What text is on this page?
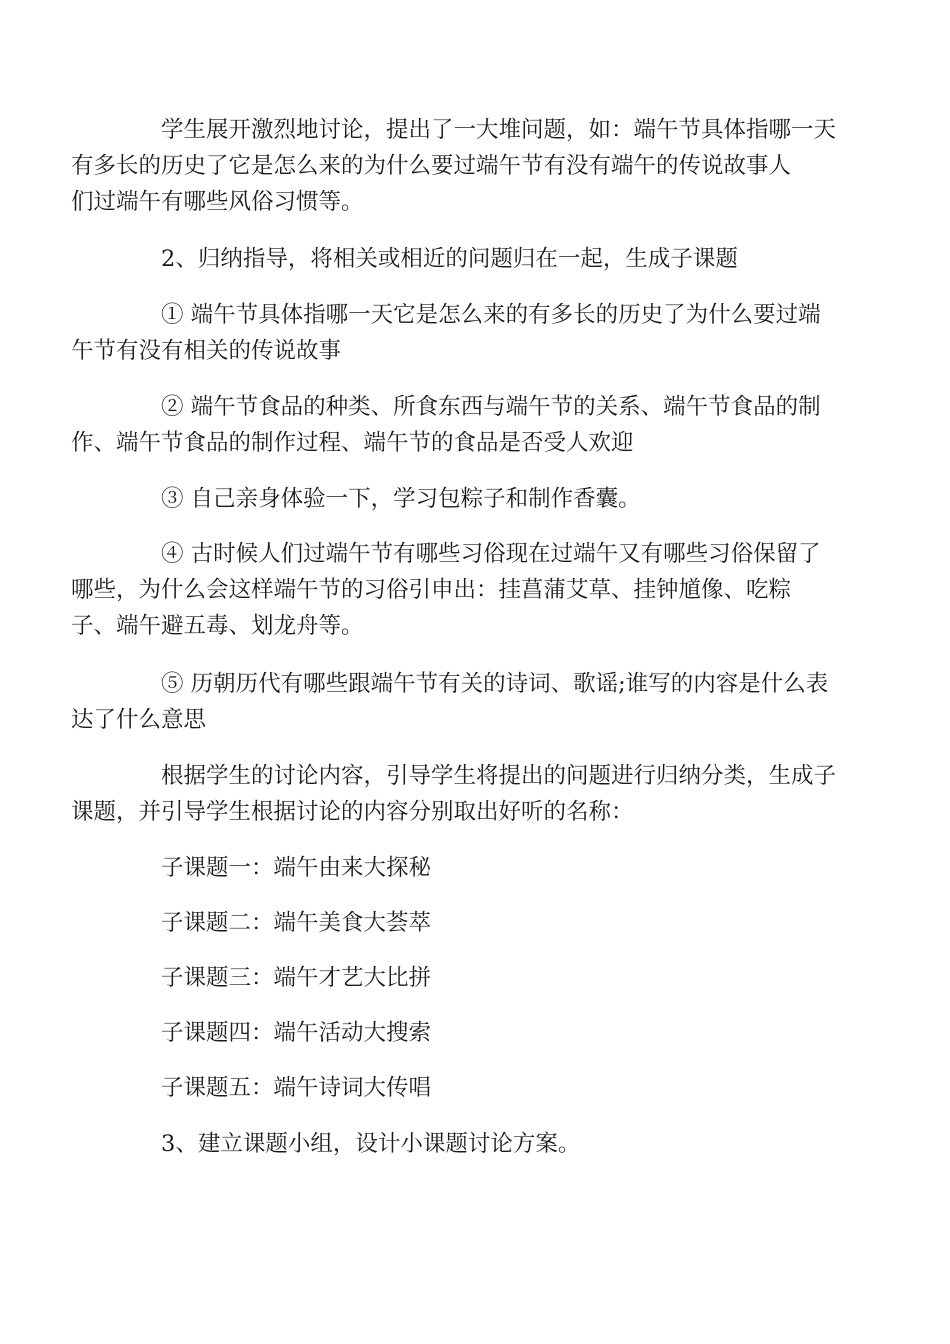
学生展开激烈地讨论，提出了一大堆问题，如：端午节具体指哪一天
有多长的历史了它是怎么来的为什么要过端午节有没有端午的传说故事人
们过端午有哪些风俗习惯等。

2、归纳指导，将相关或相近的问题归在一起，生成子课题

① 端午节具体指哪一天它是怎么来的有多长的历史了为什么要过端
午节有没有相关的传说故事

② 端午节食品的种类、所食东西与端午节的关系、端午节食品的制
作、端午节食品的制作过程、端午节的食品是否受人欢迎

③ 自己亲身体验一下，学习包粽子和制作香囊。

④ 古时候人们过端午节有哪些习俗现在过端午又有哪些习俗保留了
哪些，为什么会这样端午节的习俗引申出：挂菖蒲艾草、挂钟馗像、吃粽
子、端午避五毒、划龙舟等。

⑤ 历朝历代有哪些跟端午节有关的诗词、歌谣;谁写的内容是什么表
达了什么意思

根据学生的讨论内容，引导学生将提出的问题进行归纳分类，生成子
课题，并引导学生根据讨论的内容分别取出好听的名称：

子课题一：端午由来大探秘

子课题二：端午美食大荟萃

子课题三：端午才艺大比拼

子课题四：端午活动大搜索

子课题五：端午诗词大传唱

3、建立课题小组，设计小课题讨论方案。
